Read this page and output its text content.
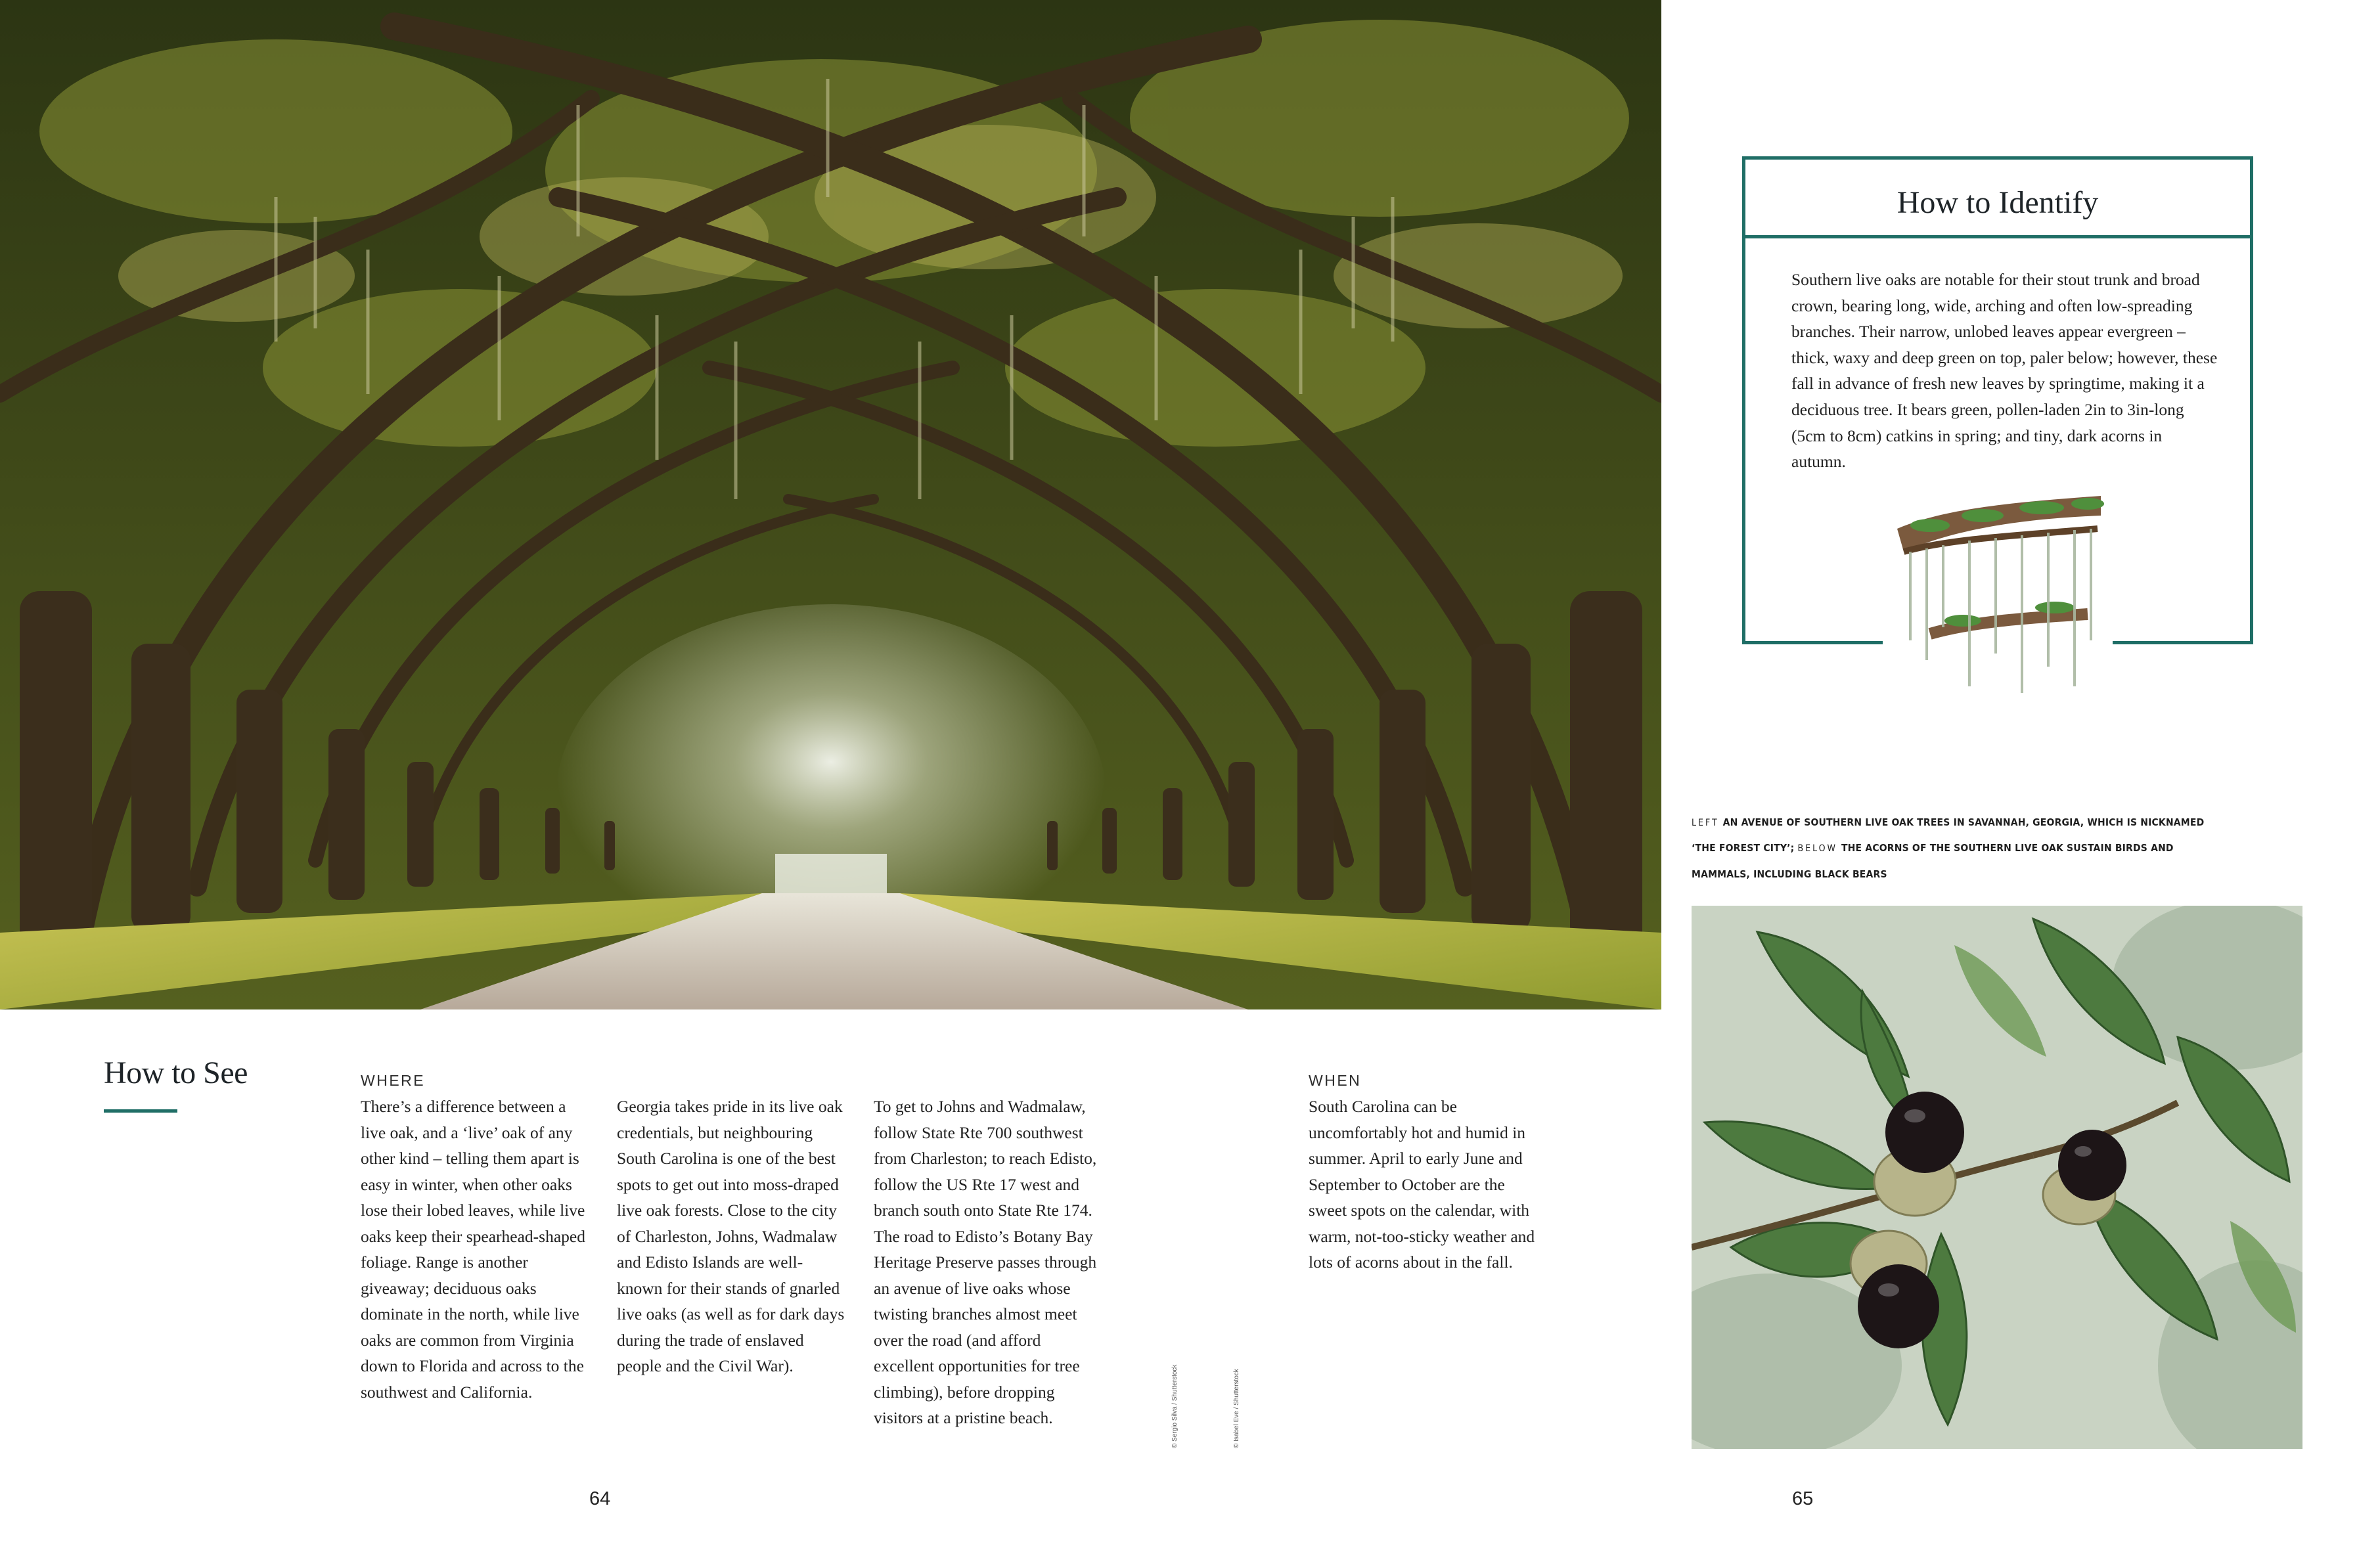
How to See	WHERE

There’s a difference between a live oak, and a ‘live’ oak of any other kind – telling them apart is easy in winter, when other oaks lose their lobed leaves, while live oaks keep their spearhead-shaped foliage. Range is another giveaway; deciduous oaks dominate in the north, while live oaks are common from Virginia down to Florida and across to the southwest and California.

Georgia takes pride in its live oak credentials, but neighbouring South Carolina is one of the best spots to get out into moss-draped live oak forests. Close to the city of Charleston, Johns, Wadmalaw and Edisto Islands are well-known for their stands of gnarled live oaks (as well as for dark days during the trade of enslaved people and the Civil War).

To get to Johns and Wadmalaw, follow State Rte 700 southwest from Charleston; to reach Edisto, follow the US Rte 17 west and branch south onto State Rte 174. The road to Edisto’s Botany Bay Heritage Preserve passes through an avenue of live oaks whose twisting branches almost meet over the road (and afford excellent opportunities for tree climbing), before dropping visitors at a pristine beach.

WHEN

South Carolina can be uncomfortably hot and humid in summer. April to early June and September to October are the sweet spots on the calendar, with warm, not-too-sticky weather and lots of acorns about in the fall.

© Sergio Silva / Shutterstock	© Isabel Eve / Shutterstock

64	65

How to Identify

Southern live oaks are notable for their stout trunk and broad crown, bearing long, wide, arching and often low-spreading branches. Their narrow, unlobed leaves appear evergreen – thick, waxy and deep green on top, paler below; however, these fall in advance of fresh new leaves by springtime, making it a deciduous tree. It bears green, pollen-laden 2in to 3in-long (5cm to 8cm) catkins in spring; and tiny, dark acorns in autumn.

LEFT AN AVENUE OF SOUTHERN LIVE OAK TREES IN SAVANNAH, GEORGIA, WHICH IS NICKNAMED

‘THE FOREST CITY’; BELOW THE ACORNS OF THE SOUTHERN LIVE OAK SUSTAIN BIRDS AND

MAMMALS, INCLUDING BLACK BEARS
